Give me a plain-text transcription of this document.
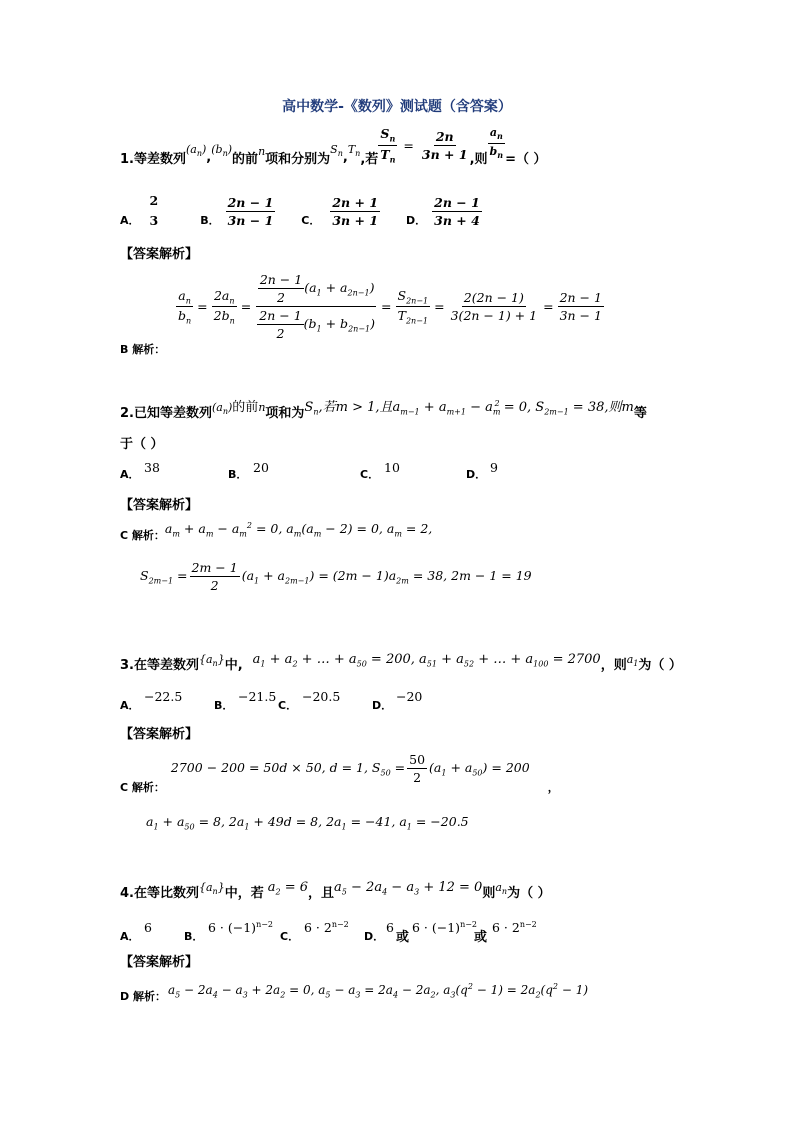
高中数学-《数列》测试题（含答案）
1.等差数列
$(a_n)$ , $(b_n)$
的前
n
项和分别为
$S_n$ , $T_n$ ,若 $\frac{S_n}{T_n} = \frac{2n}{3n + 1}$ ,则 $\frac{a_n}{b_n}$ =（ ）
A．
2
3	B． $\frac{2n - 1}{3n - 1}$ C． $\frac{2n + 1}{3n + 1}$ D． $\frac{2n - 1}{3n + 4}$
【答案解析】
$\frac{a_n}{b_n} = \frac{2a_n}{2b_n} = \frac{\frac{2n - 1}{2} (a_1 + a_{2n-1})}{\frac{2n - 1}{2} (b_1 + b_{2n-1})} = \frac{S_{2n-1}}{T_{2n-1}} = \frac{2(2n - 1)}{3(2n - 1) + 1} = \frac{2n - 1}{3n - 1}$
B 解析：
2.已知等差数列 $(a_n)$ 的前 n 项和为 $S_n$,若m > 1,且$a_{m-1} + a_{m+1} - a_m^2 = 0$, $S_{2m-1} = 38$,则m 等
于（ ）
A． 38	B． 20	C． 10	D． 9
【答案解析】
C 解析： $a_m + a_m - a_m^2 = 0$, $a_m(a_m - 2) = 0$, $a_m = 2$,
$S_{2m-1} = \frac{2m - 1}{2} (a_1 + a_{2m-1}) = (2m - 1)a_{2m} = 38$, 2m − 1 = 19
3.在等差数列 $\{a_n\}$ 中, $a_1 + a_2$ + … + $a_{50} = 200$, $a_{51} + a_{52}$ + … + $a_{100} = 2700$ ，则 $a_1$ 为（ ）
A．
−22.5
B．
−21.5
C．
−20.5
D．
−20
【答案解析】
C 解析：
2700 − 200 = 50d × 50, d = 1, $S_{50} = \frac{50}{2} (a_1 + a_{50}) = 200$
，
$a_1 + a_{50} = 8$, $2a_1 + 49d = 8$, $2a_1 = -41$, $a_1 = -20.5$
4.在等比数列 $\{a_n\}$ 中，若 $a_2 = 6$ ，且 $a_5 - 2a_4 - a_3 + 12 = 0$ 则 $a_n$ 为（ ）
A．
6
B．
$6 \cdot (-1)^{n-2}$
C．
$6 \cdot 2^{n-2}$
D．
6
或
$6 \cdot (-1)^{n-2}$
或
$6 \cdot 2^{n-2}$
【答案解析】
D 解析： $a_5 - 2a_4 - a_3 + 2a_2 = 0$, $a_5 - a_3 = 2a_4 - 2a_2$, $a_3(q^2 - 1) = 2a_2(q^2 - 1)$
